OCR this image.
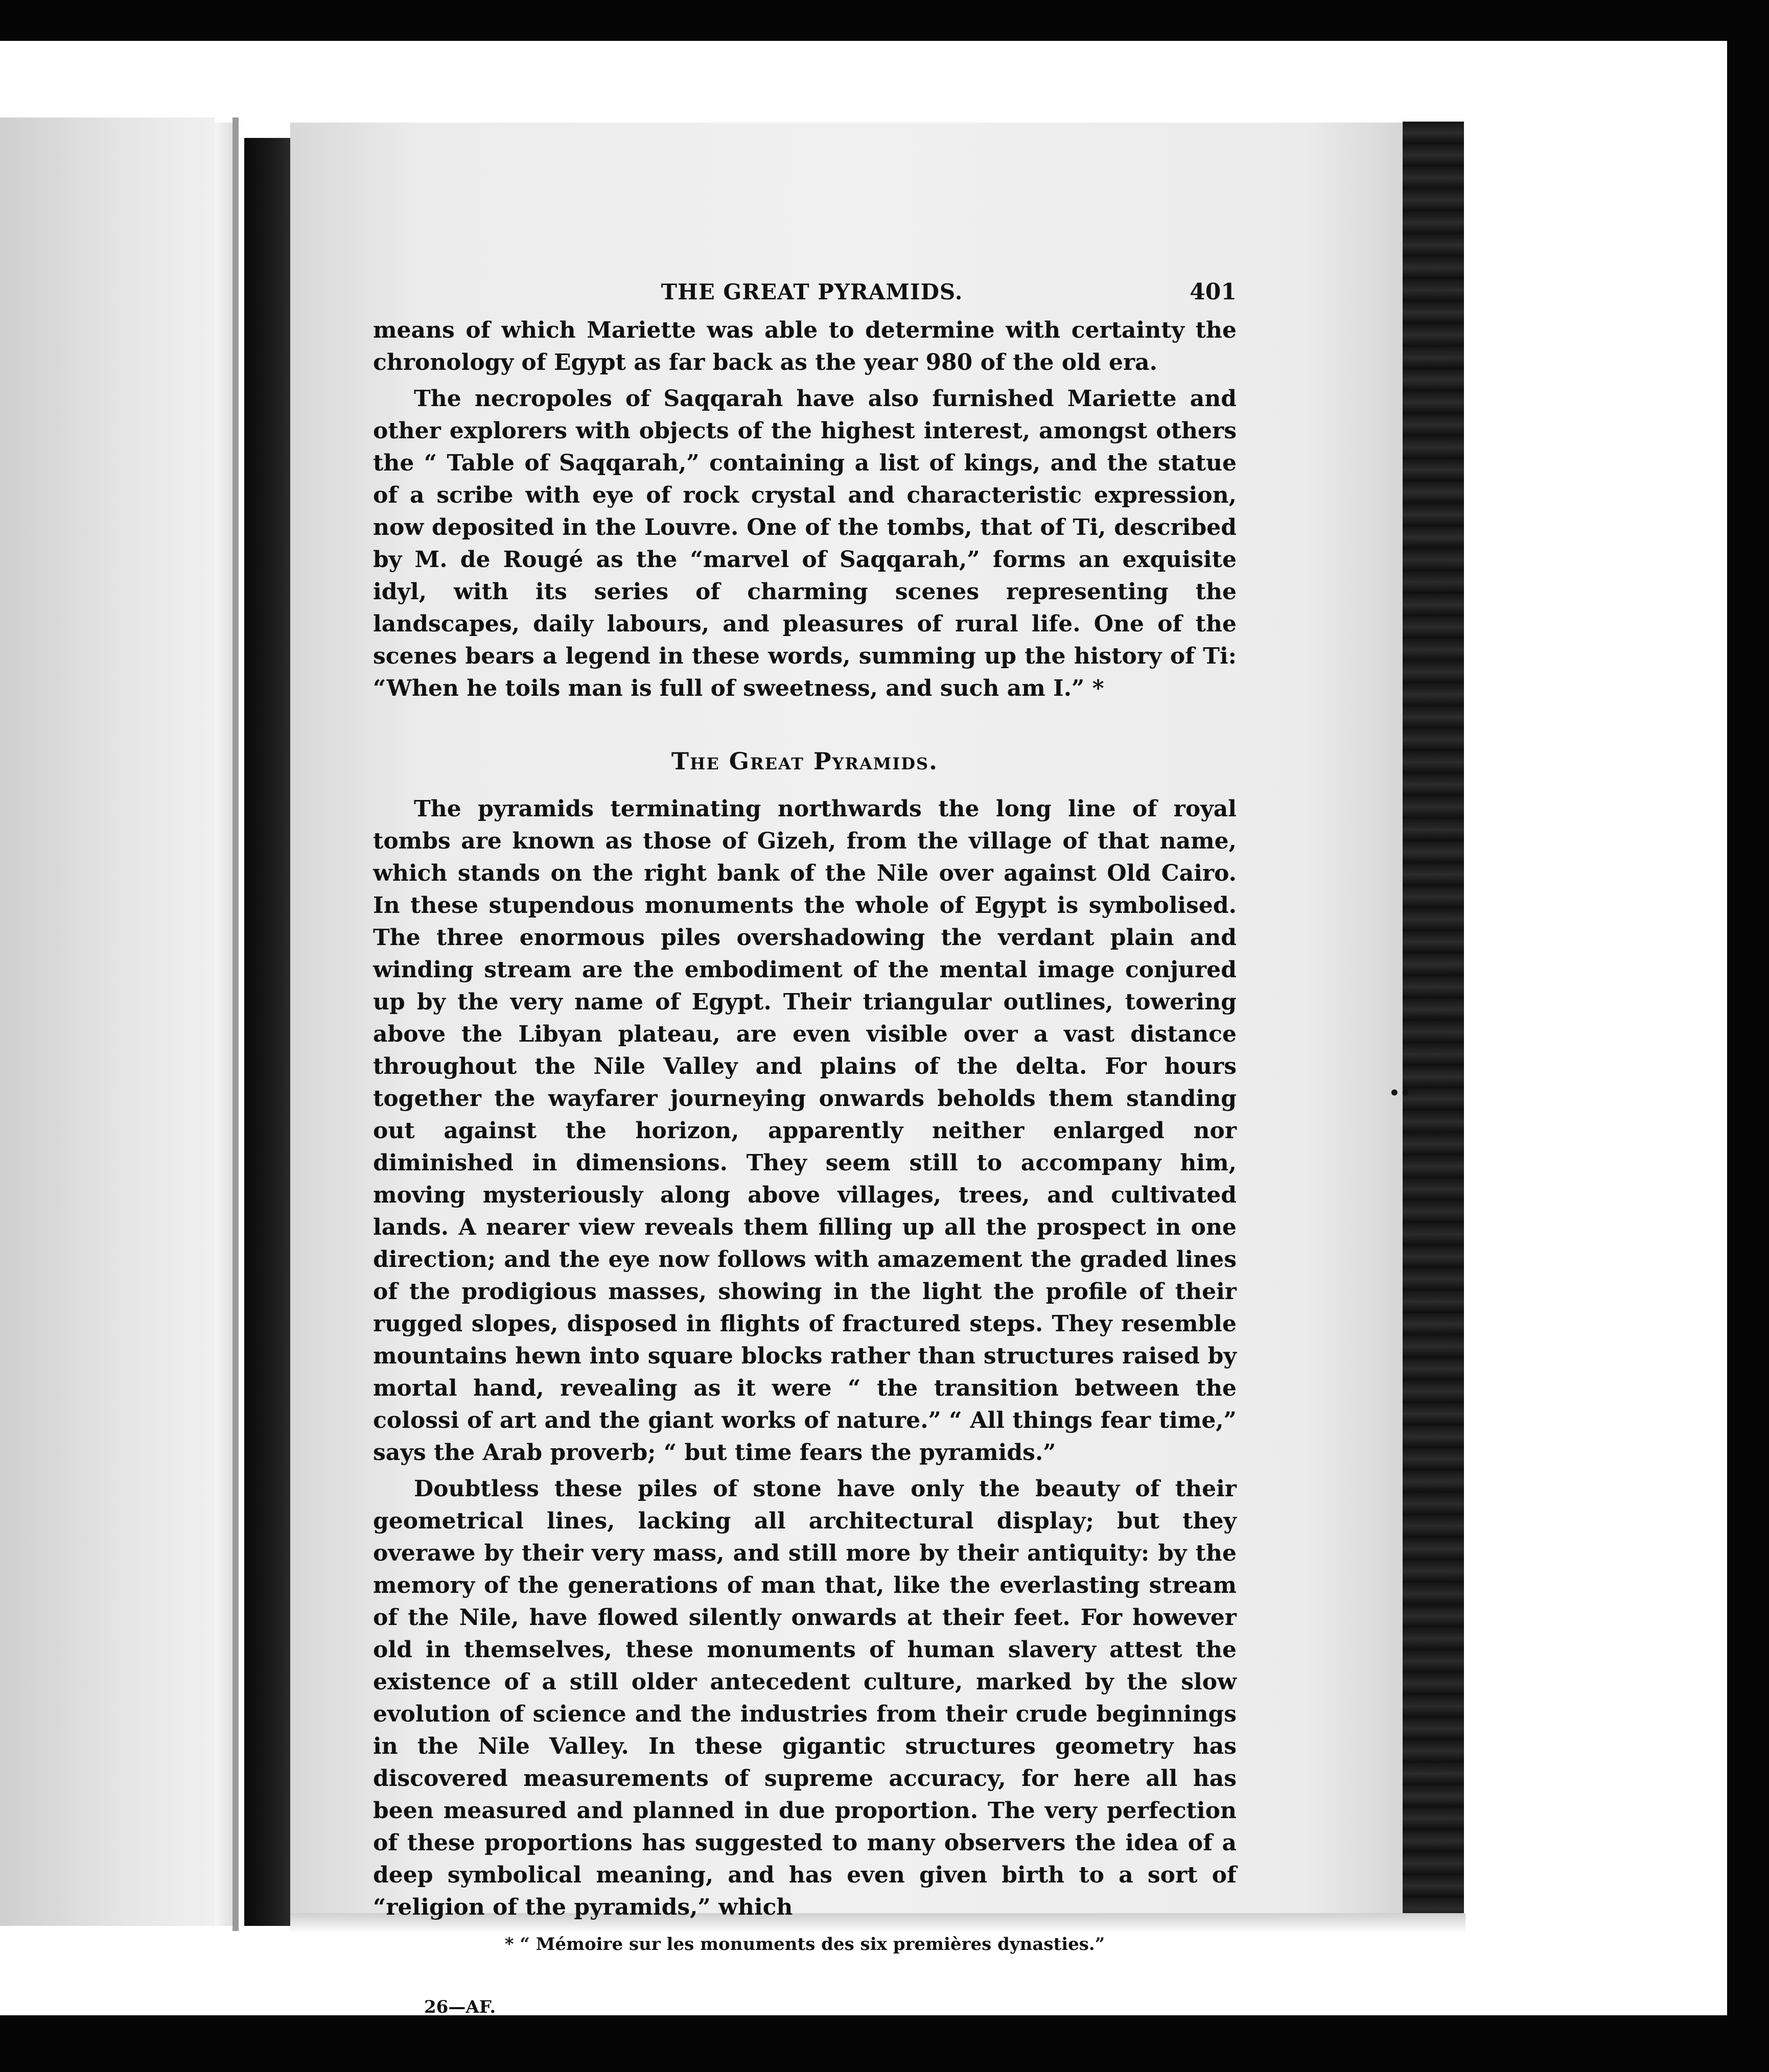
••
THE GREAT PYRAMIDS.	401

means of which Mariette was able to determine with certainty the chronology of Egypt as far back as the year 980 of the old era.

The necropoles of Saqqarah have also furnished Mariette and other explorers with objects of the highest interest, amongst others the “ Table of Saqqarah,” containing a list of kings, and the statue of a scribe with eye of rock crystal and characteristic expression, now deposited in the Louvre. One of the tombs, that of Ti, described by M. de Rougé as the “marvel of Saqqarah,” forms an exquisite idyl, with its series of charming scenes representing the landscapes, daily labours, and pleasures of rural life. One of the scenes bears a legend in these words, summing up the history of Ti: “When he toils man is full of sweetness, and such am I.” *

The Great Pyramids.

The pyramids terminating northwards the long line of royal tombs are known as those of Gizeh, from the village of that name, which stands on the right bank of the Nile over against Old Cairo. In these stupendous monuments the whole of Egypt is symbolised. The three enormous piles overshadowing the verdant plain and winding stream are the embodiment of the mental image conjured up by the very name of Egypt. Their triangular outlines, towering above the Libyan plateau, are even visible over a vast distance throughout the Nile Valley and plains of the delta. For hours together the wayfarer journeying onwards beholds them standing out against the horizon, apparently neither enlarged nor diminished in dimensions. They seem still to accompany him, moving mysteriously along above villages, trees, and cultivated lands. A nearer view reveals them filling up all the prospect in one direction; and the eye now follows with amazement the graded lines of the prodigious masses, showing in the light the profile of their rugged slopes, disposed in flights of fractured steps. They resemble mountains hewn into square blocks rather than structures raised by mortal hand, revealing as it were “ the transition between the colossi of art and the giant works of nature.” “ All things fear time,” says the Arab proverb; “ but time fears the pyramids.”

Doubtless these piles of stone have only the beauty of their geometrical lines, lacking all architectural display; but they overawe by their very mass, and still more by their antiquity: by the memory of the generations of man that, like the everlasting stream of the Nile, have flowed silently onwards at their feet. For however old in themselves, these monuments of human slavery attest the existence of a still older antecedent culture, marked by the slow evolution of science and the industries from their crude beginnings in the Nile Valley. In these gigantic structures geometry has discovered measurements of supreme accuracy, for here all has been measured and planned in due proportion. The very perfection of these proportions has suggested to many observers the idea of a deep symbolical meaning, and has even given birth to a sort of “religion of the pyramids,” which

* “ Mémoire sur les monuments des six premières dynasties.”
26—AF.
